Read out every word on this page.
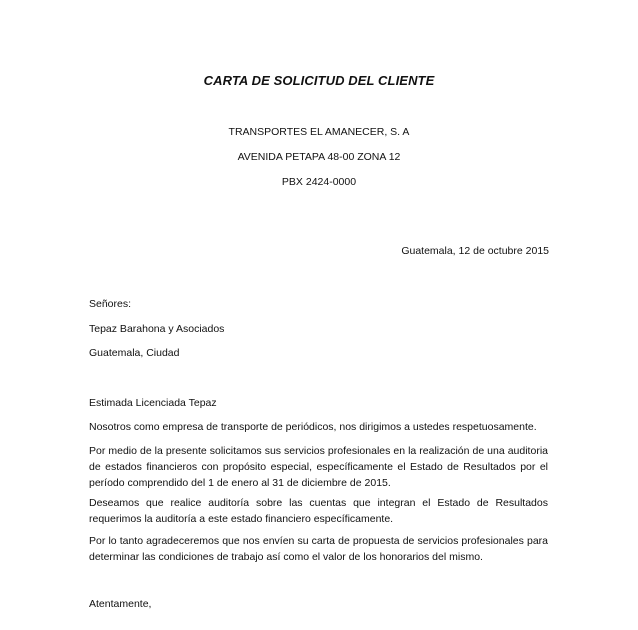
CARTA DE SOLICITUD DEL CLIENTE
TRANSPORTES EL AMANECER, S. A
AVENIDA PETAPA 48-00 ZONA 12
PBX 2424-0000
Guatemala, 12 de octubre 2015
Señores:
Tepaz Barahona y Asociados
Guatemala, Ciudad
Estimada Licenciada Tepaz
Nosotros como empresa de transporte de periódicos, nos dirigimos a ustedes respetuosamente.
Por medio de la presente solicitamos sus servicios profesionales en la realización de una auditoria de estados financieros con propósito especial, específicamente el Estado de Resultados por el período comprendido del 1 de enero al 31 de diciembre de 2015.
Deseamos que realice auditoría sobre las cuentas que integran el Estado de Resultados requerimos la auditoría a este estado financiero específicamente.
Por lo tanto agradeceremos que nos envíen su carta de propuesta de servicios profesionales para determinar las condiciones de trabajo así como el valor de los honorarios del mismo.
Atentamente,
